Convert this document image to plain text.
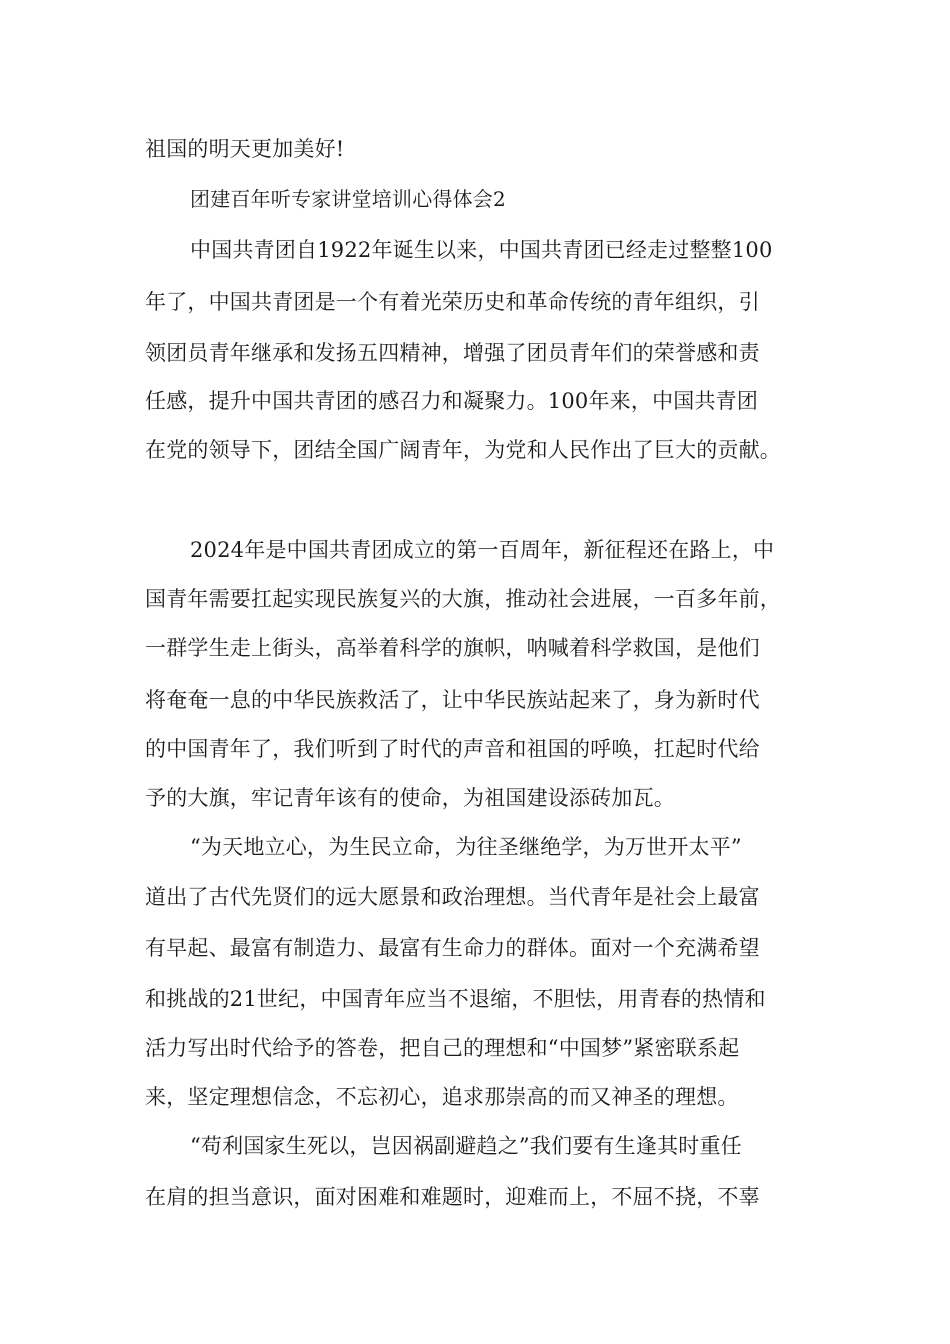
祖国的明天更加美好!
团建百年听专家讲堂培训心得体会2
中国共青团自1922年诞生以来，中国共青团已经走过整整100
年了，中国共青团是一个有着光荣历史和革命传统的青年组织，引
领团员青年继承和发扬五四精神，增强了团员青年们的荣誉感和责
任感，提升中国共青团的感召力和凝聚力。100年来，中国共青团
在党的领导下，团结全国广阔青年，为党和人民作出了巨大的贡献。
2024年是中国共青团成立的第一百周年，新征程还在路上，中
国青年需要扛起实现民族复兴的大旗，推动社会进展，一百多年前，
一群学生走上街头，高举着科学的旗帜，呐喊着科学救国，是他们
将奄奄一息的中华民族救活了，让中华民族站起来了，身为新时代
的中国青年了，我们听到了时代的声音和祖国的呼唤，扛起时代给
予的大旗，牢记青年该有的使命，为祖国建设添砖加瓦。
“为天地立心，为生民立命，为往圣继绝学，为万世开太平”
道出了古代先贤们的远大愿景和政治理想。当代青年是社会上最富
有早起、最富有制造力、最富有生命力的群体。面对一个充满希望
和挑战的21世纪，中国青年应当不退缩，不胆怯，用青春的热情和
活力写出时代给予的答卷，把自己的理想和“中国梦”紧密联系起
来，坚定理想信念，不忘初心，追求那崇高的而又神圣的理想。
“苟利国家生死以，岂因祸副避趋之”我们要有生逢其时重任
在肩的担当意识，面对困难和难题时，迎难而上，不屈不挠，不辜
